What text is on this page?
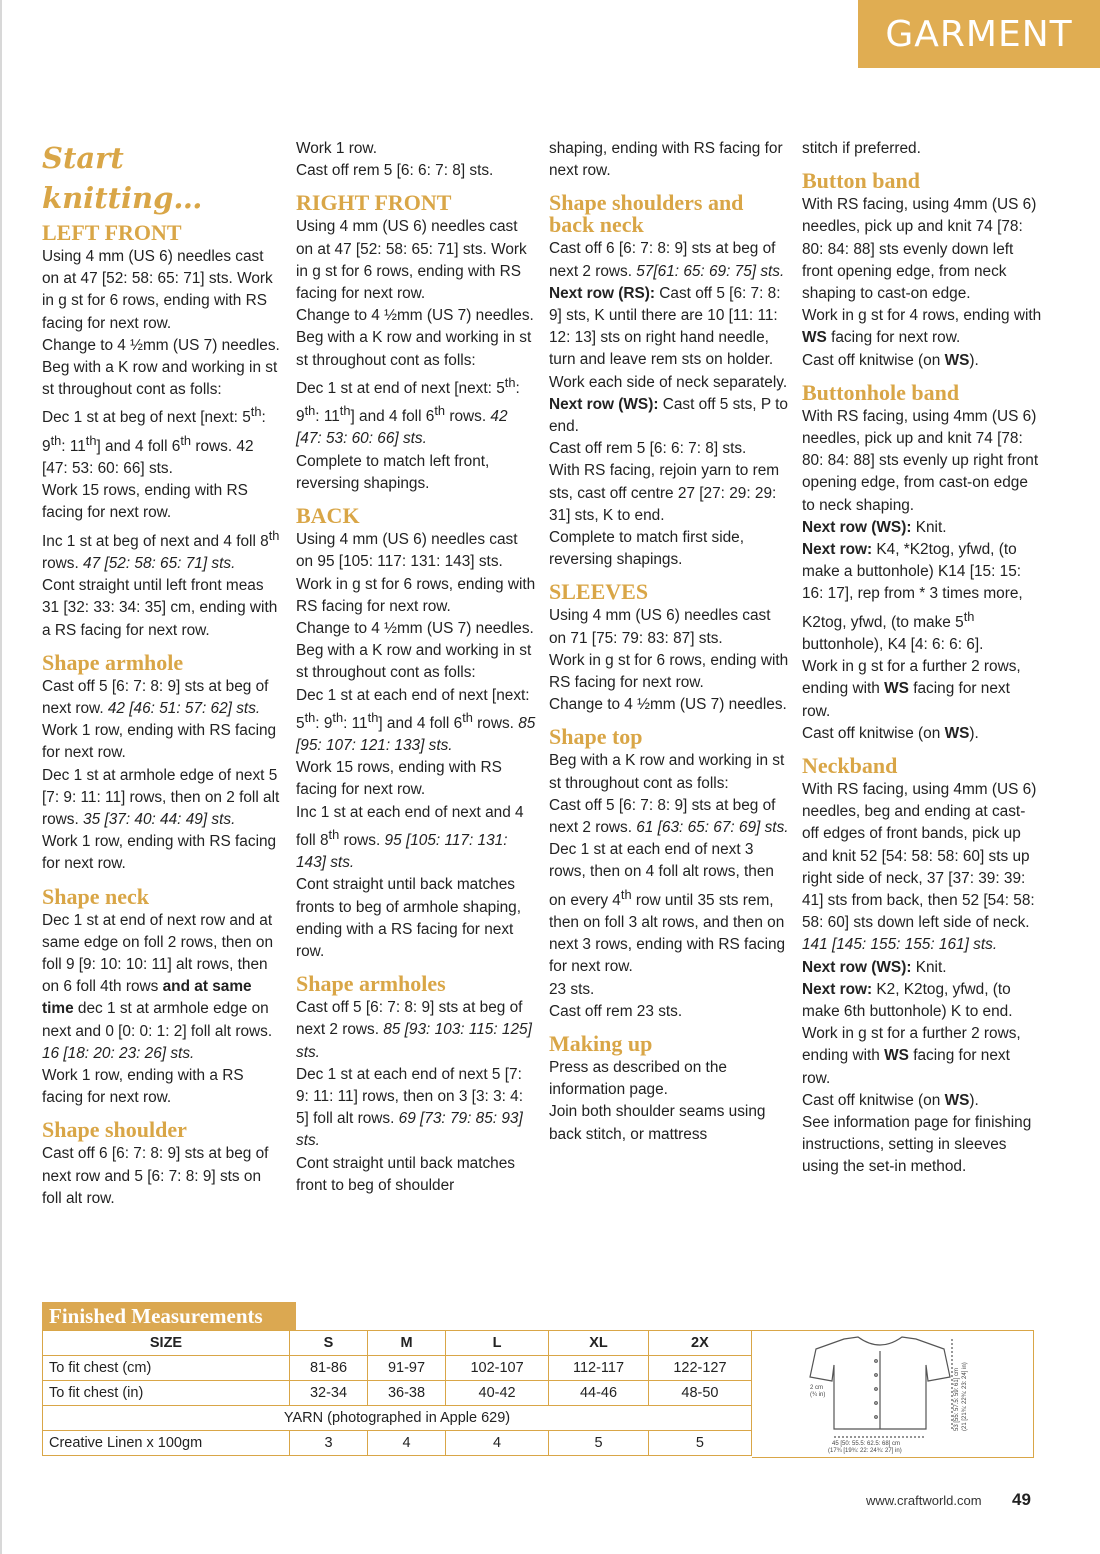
GARMENT
Start knitting…
LEFT FRONT

Using 4 mm (US 6) needles cast on at 47 [52: 58: 65: 71] sts. Work in g st for 6 rows, ending with RS facing for next row.

Change to 4 ½mm (US 7) needles.

Beg with a K row and working in st st throughout cont as folls:

Dec 1 st at beg of next [next: 5th: 9th: 11th] and 4 foll 6th rows. 42 [47: 53: 60: 66] sts.

Work 15 rows, ending with RS facing for next row.

Inc 1 st at beg of next and 4 foll 8th rows. 47 [52: 58: 65: 71] sts.

Cont straight until left front meas 31 [32: 33: 34: 35] cm, ending with a RS facing for next row.

Shape armhole

Cast off 5 [6: 7: 8: 9] sts at beg of next row. 42 [46: 51: 57: 62] sts.

Work 1 row, ending with RS facing for next row.

Dec 1 st at armhole edge of next 5 [7: 9: 11: 11] rows, then on 2 foll alt rows. 35 [37: 40: 44: 49] sts.

Work 1 row, ending with RS facing for next row.

Shape neck

Dec 1 st at end of next row and at same edge on foll 2 rows, then on foll 9 [9: 10: 10: 11] alt rows, then on 6 foll 4th rows and at same time dec 1 st at armhole edge on next and 0 [0: 0: 1: 2] foll alt rows. 16 [18: 20: 23: 26] sts.

Work 1 row, ending with a RS facing for next row.

Shape shoulder

Cast off 6 [6: 7: 8: 9] sts at beg of next row and 5 [6: 7: 8: 9] sts on foll alt row.

Work 1 row.

Cast off rem 5 [6: 6: 7: 8] sts.

RIGHT FRONT

Using 4 mm (US 6) needles cast on at 47 [52: 58: 65: 71] sts. Work in g st for 6 rows, ending with RS facing for next row.

Change to 4 ½mm (US 7) needles.

Beg with a K row and working in st st throughout cont as folls:

Dec 1 st at end of next [next: 5th: 9th: 11th] and 4 foll 6th rows. 42 [47: 53: 60: 66] sts.

Complete to match left front, reversing shapings.

BACK

Using 4 mm (US 6) needles cast on 95 [105: 117: 131: 143] sts.

Work in g st for 6 rows, ending with RS facing for next row.

Change to 4 ½mm (US 7) needles.

Beg with a K row and working in st st throughout cont as folls:

Dec 1 st at each end of next [next: 5th: 9th: 11th] and 4 foll 6th rows. 85 [95: 107: 121: 133] sts.

Work 15 rows, ending with RS facing for next row.

Inc 1 st at each end of next and 4 foll 8th rows. 95 [105: 117: 131: 143] sts.

Cont straight until back matches fronts to beg of armhole shaping, ending with a RS facing for next row.

Shape armholes

Cast off 5 [6: 7: 8: 9] sts at beg of next 2 rows. 85 [93: 103: 115: 125] sts.

Dec 1 st at each end of next 5 [7: 9: 11: 11] rows, then on 3 [3: 3: 4: 5] foll alt rows. 69 [73: 79: 85: 93] sts.

Cont straight until back matches front to beg of shoulder

shaping, ending with RS facing for next row.

Shape shoulders and back neck

Cast off 6 [6: 7: 8: 9] sts at beg of next 2 rows. 57[61: 65: 69: 75] sts.

Next row (RS): Cast off 5 [6: 7: 8: 9] sts, K until there are 10 [11: 11: 12: 13] sts on right hand needle, turn and leave rem sts on holder.

Work each side of neck separately.

Next row (WS): Cast off 5 sts, P to end.

Cast off rem 5 [6: 6: 7: 8] sts.

With RS facing, rejoin yarn to rem sts, cast off centre 27 [27: 29: 29: 31] sts, K to end.

Complete to match first side, reversing shapings.

SLEEVES

Using 4 mm (US 6) needles cast on 71 [75: 79: 83: 87] sts.

Work in g st for 6 rows, ending with RS facing for next row.

Change to 4 ½mm (US 7) needles.

Shape top

Beg with a K row and working in st st throughout cont as folls:

Cast off 5 [6: 7: 8: 9] sts at beg of next 2 rows. 61 [63: 65: 67: 69] sts.

Dec 1 st at each end of next 3 rows, then on 4 foll alt rows, then on every 4th row until 35 sts rem, then on foll 3 alt rows, and then on next 3 rows, ending with RS facing for next row.

23 sts.

Cast off rem 23 sts.

Making up

Press as described on the information page.

Join both shoulder seams using back stitch, or mattress

stitch if preferred.

Button band

With RS facing, using 4mm (US 6) needles, pick up and knit 74 [78: 80: 84: 88] sts evenly down left front opening edge, from neck shaping to cast-on edge.

Work in g st for 4 rows, ending with WS facing for next row.

Cast off knitwise (on WS).

Buttonhole band

With RS facing, using 4mm (US 6) needles, pick up and knit 74 [78: 80: 84: 88] sts evenly up right front opening edge, from cast-on edge to neck shaping.

Next row (WS): Knit.

Next row: K4, *K2tog, yfwd, (to make a buttonhole) K14 [15: 15: 16: 17], rep from * 3 times more, K2tog, yfwd, (to make 5th buttonhole), K4 [4: 6: 6: 6].

Work in g st for a further 2 rows, ending with WS facing for next row.

Cast off knitwise (on WS).

Neckband

With RS facing, using 4mm (US 6) needles, beg and ending at cast-off edges of front bands, pick up and knit 52 [54: 58: 58: 60] sts up right side of neck, 37 [37: 39: 39: 41] sts from back, then 52 [54: 58: 58: 60] sts down left side of neck. 141 [145: 155: 155: 161] sts.

Next row (WS): Knit.

Next row: K2, K2tog, yfwd, (to make 6th buttonhole) K to end.

Work in g st for a further 2 rows, ending with WS facing for next row.

Cast off knitwise (on WS).

See information page for finishing instructions, setting in sleeves using the set-in method.

Finished Measurements
SIZE	S	M	L	XL	2X
To fit chest (cm)	81-86	91-97	102-107	112-117	122-127
To fit chest (in)	32-34	36-38	40-42	44-46	48-50
YARN (photographed in Apple 629)					
Creative Linen x 100gm	3	4	4	5	5
2 cm
(¾ in)	53 [55: 57.5: 59: 61] cm (21 [21¾: 22¾: 23: 24] in)
45 [50: 55.5: 62.5: 68] cm
(17¾ [19¾: 22: 24¾: 27] in)
www.craftworld.com 49
